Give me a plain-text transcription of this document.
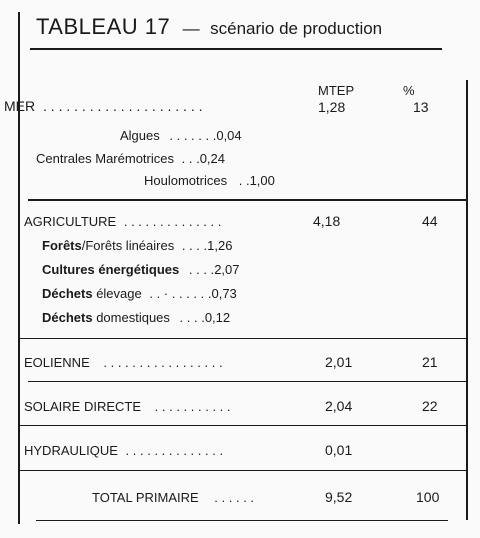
TABLEAU 17 — scénario de production
MTEP	%
MER . . . . . . . . . . . . . . . . . . . . .	1,28	13
Algues . . . . . . .0,04
Centrales Marémotrices . . .0,24
Houlomotrices . .1,00
AGRICULTURE . . . . . . . . . . . . . .	4,18	44
Forêts/Forêts linéaires . . . .1,26
Cultures énergétiques . . . .2,07
Déchets élevage . . · . . . . . .0,73
Déchets domestiques . . . .0,12
EOLIENNE . . . . . . . . . . . . . . . . .	2,01	21
SOLAIRE DIRECTE . . . . . . . . . . .	2,04	22
HYDRAULIQUE . . . . . . . . . . . . . .	0,01
TOTAL PRIMAIRE . . . . . .	9,52	100
